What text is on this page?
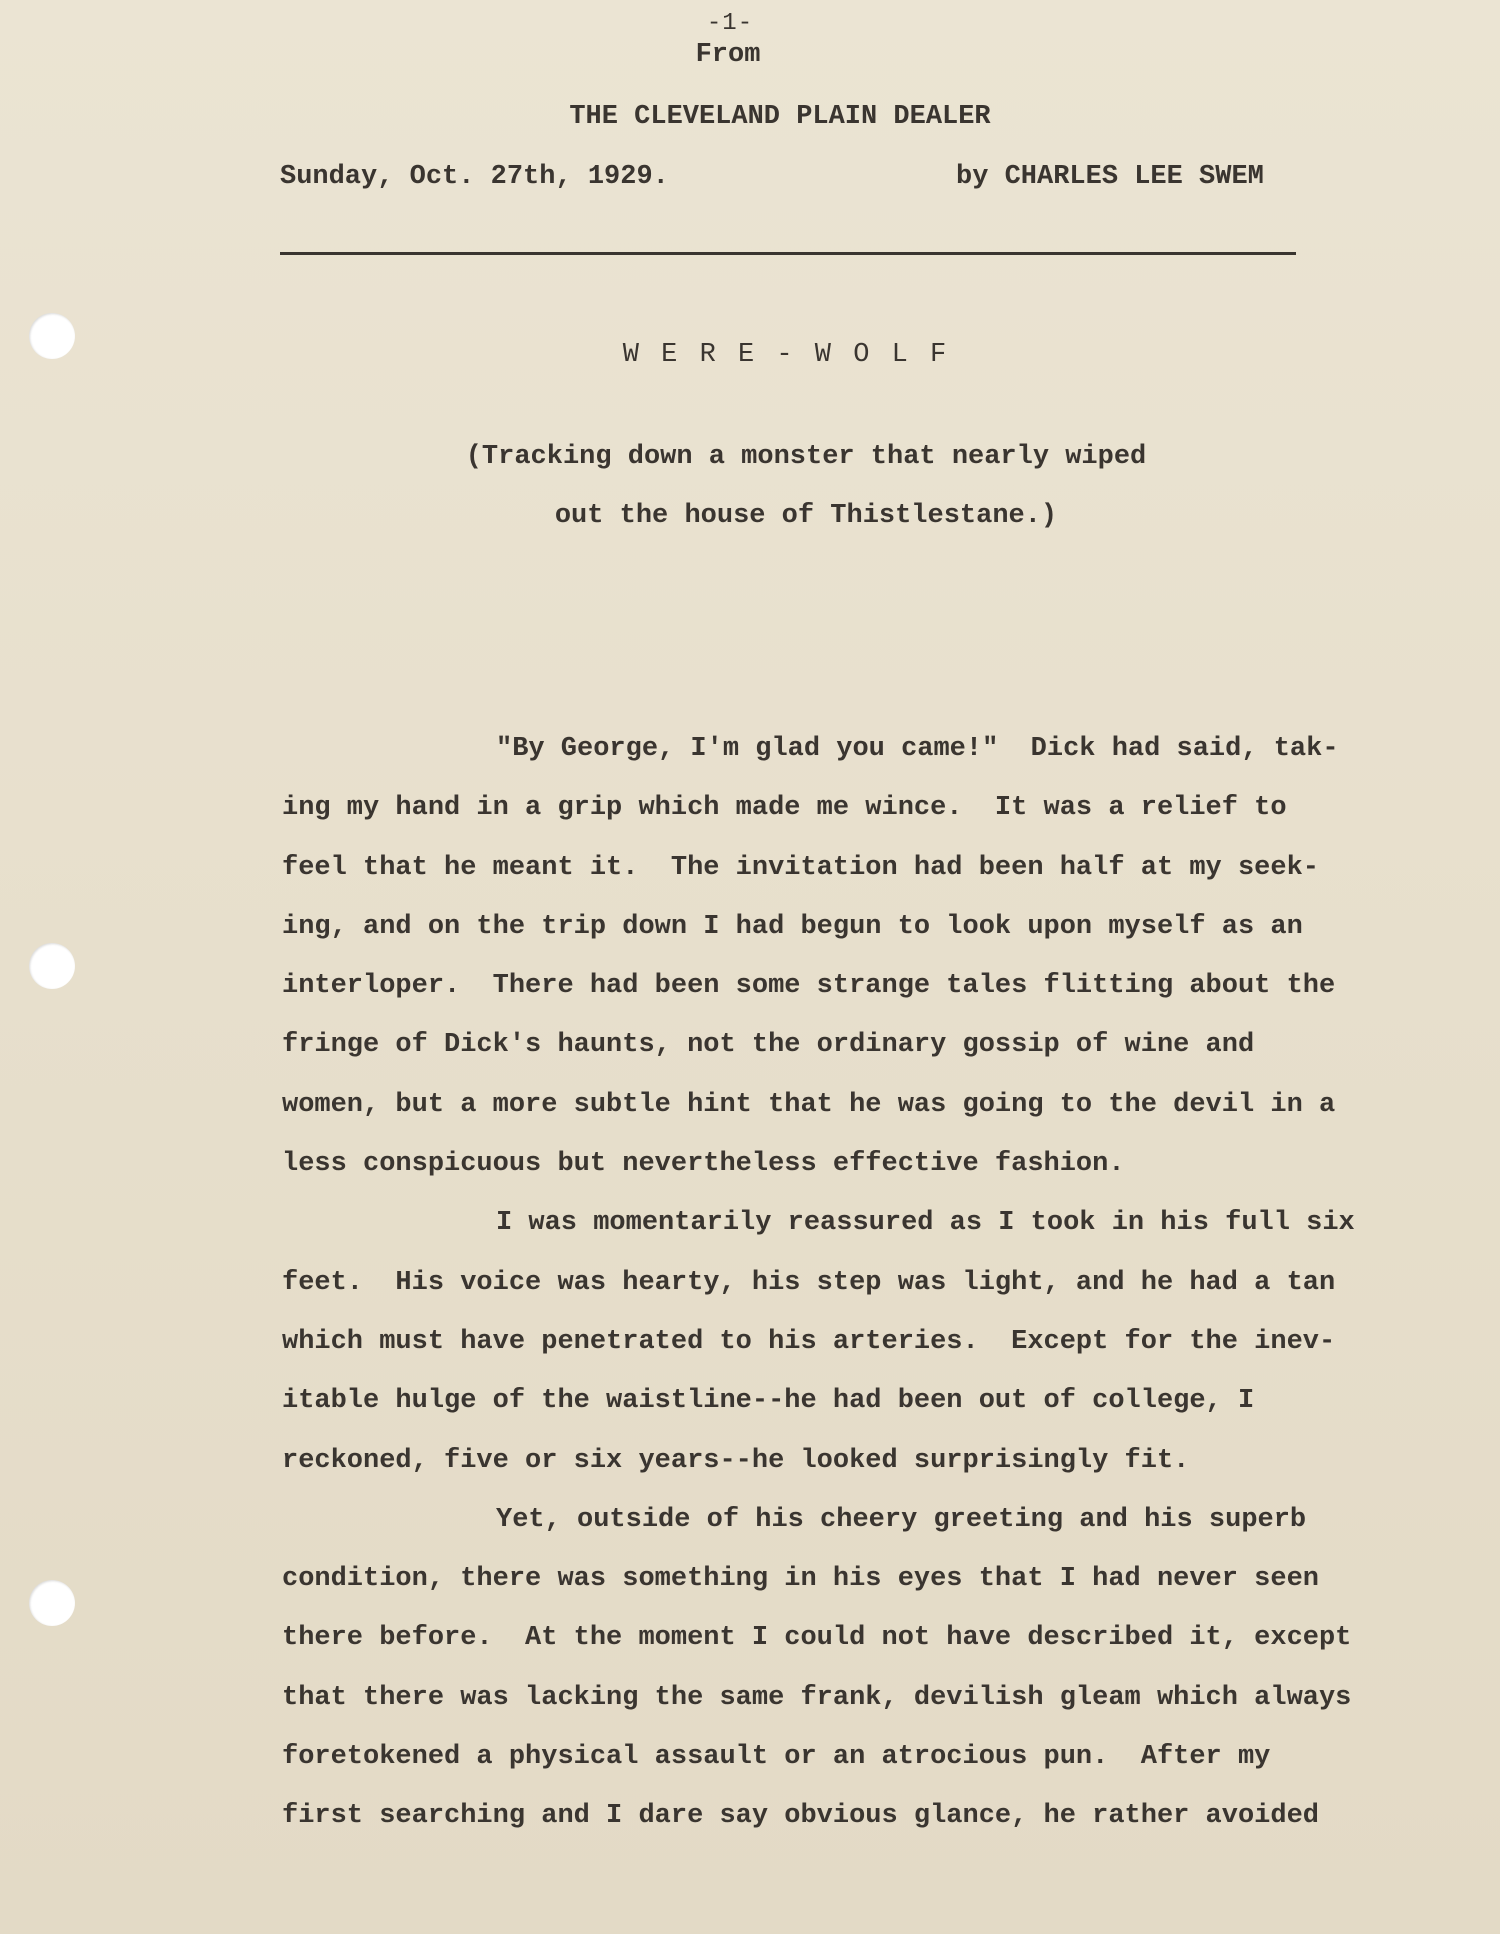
-1-
From
THE CLEVELAND PLAIN DEALER
Sunday, Oct. 27th, 1929.	by CHARLES LEE SWEM
W E R E - W O L F
(Tracking down a monster that nearly wiped
out the house of Thistlestane.)
"By George, I'm glad you came!"  Dick had said, tak-
ing my hand in a grip which made me wince.  It was a relief to
feel that he meant it.  The invitation had been half at my seek-
ing, and on the trip down I had begun to look upon myself as an
interloper.  There had been some strange tales flitting about the
fringe of Dick's haunts, not the ordinary gossip of wine and
women, but a more subtle hint that he was going to the devil in a
less conspicuous but nevertheless effective fashion.
I was momentarily reassured as I took in his full six
feet.  His voice was hearty, his step was light, and he had a tan
which must have penetrated to his arteries.  Except for the inev-
itable hulge of the waistline--he had been out of college, I
reckoned, five or six years--he looked surprisingly fit.
Yet, outside of his cheery greeting and his superb
condition, there was something in his eyes that I had never seen
there before.  At the moment I could not have described it, except
that there was lacking the same frank, devilish gleam which always
foretokened a physical assault or an atrocious pun.  After my
first searching and I dare say obvious glance, he rather avoided
